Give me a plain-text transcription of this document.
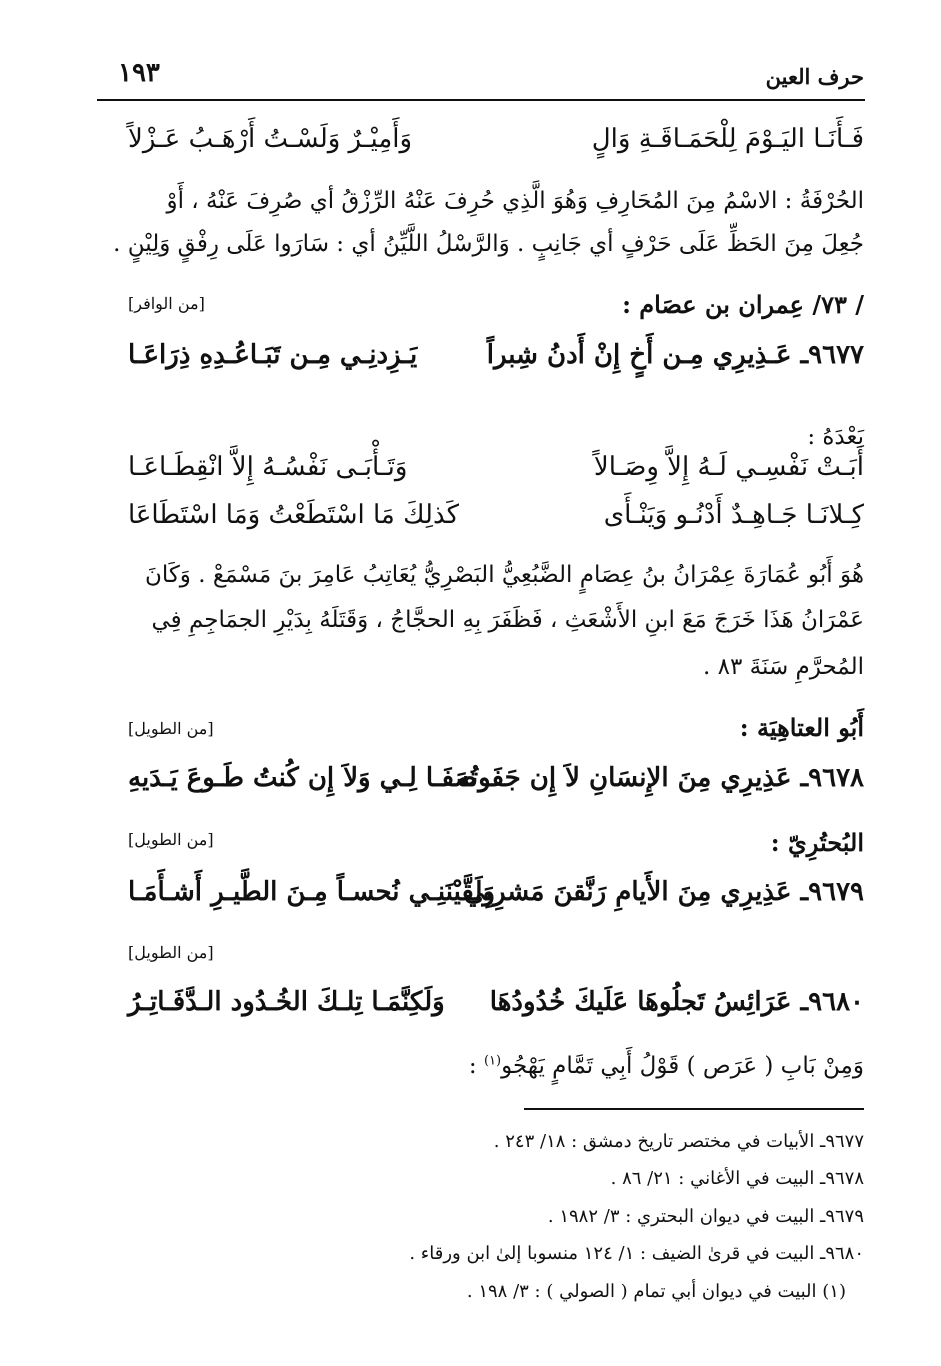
حرف العين
١٩٣
فَـأَنَـا اليَـوْمَ لِلْحَمَـاقَـةِ وَالٍ
وَأَمِيْـرٌ وَلَسْـتُ أَرْهَـبُ عَـزْلاً
الحُرْفَةُ : الاسْمُ مِنَ المُحَارِفِ وَهُوَ الَّذِي حُرِفَ عَنْهُ الرِّزْقُ أي صُرِفَ عَنْهُ ، أَوْ
جُعِلَ مِنَ الحَظِّ عَلَى حَرْفٍ أي جَانِبٍ . وَالرَّسْلُ اللَّيِّنُ أي : سَارَوا عَلَى رِفْقٍ وَلِيْنٍ .
/ ٧٣/ عِمران بن عصَام :
[من الوافر]
٩٦٧٧ـ عَـذِيرِي مِـن أَخٍ إِنْ أَدنُ شِبراً
يَـزِدنِـي مِـن تَبَـاعُـدِهِ ذِرَاعَـا
بَعْدَهُ :
أَبَـتْ نَفْسِـي لَـهُ إِلاَّ وِصَـالاً
وَتَـأْبَـى نَفْسُـهُ إِلاَّ انْقِطَـاعَـا
كِـلانَـا جَـاهِـدٌ أَدْنُـو وَيَنْـأَى
كَذلِكَ مَا اسْتَطَعْتُ وَمَا اسْتَطَاعَا
هُوَ أَبُو عُمَارَةَ عِمْرَانُ بنُ عِصَامٍ الضَّبُعِيُّ البَصْرِيُّ يُعَاتِبُ عَامِرَ بنَ مَسْمَعْ . وَكَانَ
عَمْرَانُ هَذَا خَرَجَ مَعَ ابنِ الأَشْعَثِ ، فَظَفَرَ بِهِ الحجَّاجُ ، وَقَتَلَهُ بِدَيْرِ الجمَاجِمِ فِي
المُحرَّمِ سَنَةَ ٨٣ .
أَبُو العتاهِيَة :
[من الطويل]
٩٦٧٨ـ عَذِيرِي مِنَ الإِنسَانِ لاَ إِن جَفَوتُه
صَفَـا لِـي وَلاَ إِن كُنتُ طَـوعَ يَـدَيهِ
البُحتُرِيّ :
[من الطويل]
٩٦٧٩ـ عَذِيرِي مِنَ الأَيامِ رَنَّقنَ مَشرِبِي
وَلَقَّيْنَنِـي نُحسـاً مِـنَ الطَّيـرِ أَشـأَمَـا
[من الطويل]
٩٦٨٠ـ عَرَائِسُ تَجلُوهَا عَلَيكَ خُدُودُهَا
وَلَكِنَّمَـا تِلـكَ الخُـدُود الـدَّفَـاتِـرُ
وَمِنْ بَابِ ( عَرَص ) قَوْلُ أَبِي تَمَّامٍ يَهْجُو$^{(١)}$ :
٩٦٧٧ـ الأبيات في مختصر تاريخ دمشق : ١٨/ ٢٤٣ .
٩٦٧٨ـ البيت في الأغاني : ٢١/ ٨٦ .
٩٦٧٩ـ البيت في ديوان البحتري : ٣/ ١٩٨٢ .
٩٦٨٠ـ البيت في قرىٰ الضيف : ١/ ١٢٤ منسوبا إلىٰ ابن ورقاء .
(١) البيت في ديوان أبي تمام ( الصولي ) : ٣/ ١٩٨ .
